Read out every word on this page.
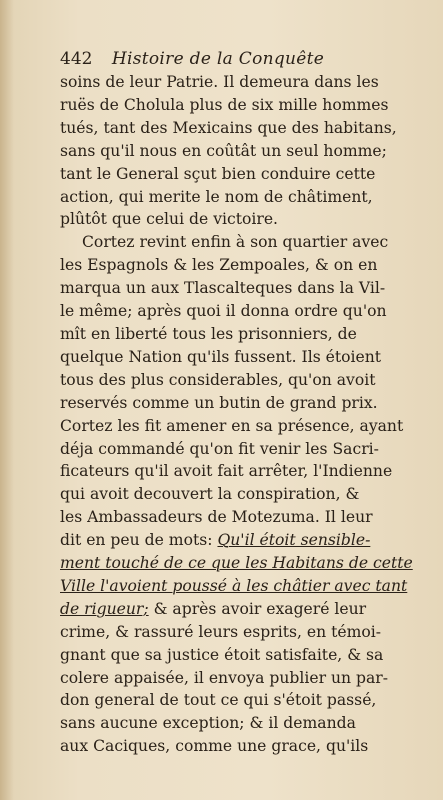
442 Histoire de la Conquête
soins de leur Patrie. Il demeura dans les
ruës de Cholula plus de six mille hommes
tués, tant des Mexicains que des habitans,
sans qu'il nous en coûtât un seul homme;
tant le General sçut bien conduire cette
action, qui merite le nom de châtiment,
plûtôt que celui de victoire.
Cortez revint enfin à son quartier avec
les Espagnols & les Zempoales, & on en
marqua un aux Tlascalteques dans la Vil-
le même; après quoi il donna ordre qu'on
mît en liberté tous les prisonniers, de
quelque Nation qu'ils fussent. Ils étoient
tous des plus considerables, qu'on avoit
reservés comme un butin de grand prix.
Cortez les fit amener en sa présence, ayant
déja commandé qu'on fit venir les Sacri-
ficateurs qu'il avoit fait arrêter, l'Indienne
qui avoit decouvert la conspiration, &
les Ambassadeurs de Motezuma. Il leur
dit en peu de mots: Qu'il étoit sensible-
ment touché de ce que les Habitans de cette
Ville l'avoient poussé à les châtier avec tant
de rigueur; & après avoir exageré leur
crime, & rassuré leurs esprits, en témoi-
gnant que sa justice étoit satisfaite, & sa
colere appaisée, il envoya publier un par-
don general de tout ce qui s'étoit passé,
sans aucune exception; & il demanda
aux Caciques, comme une grace, qu'ils
